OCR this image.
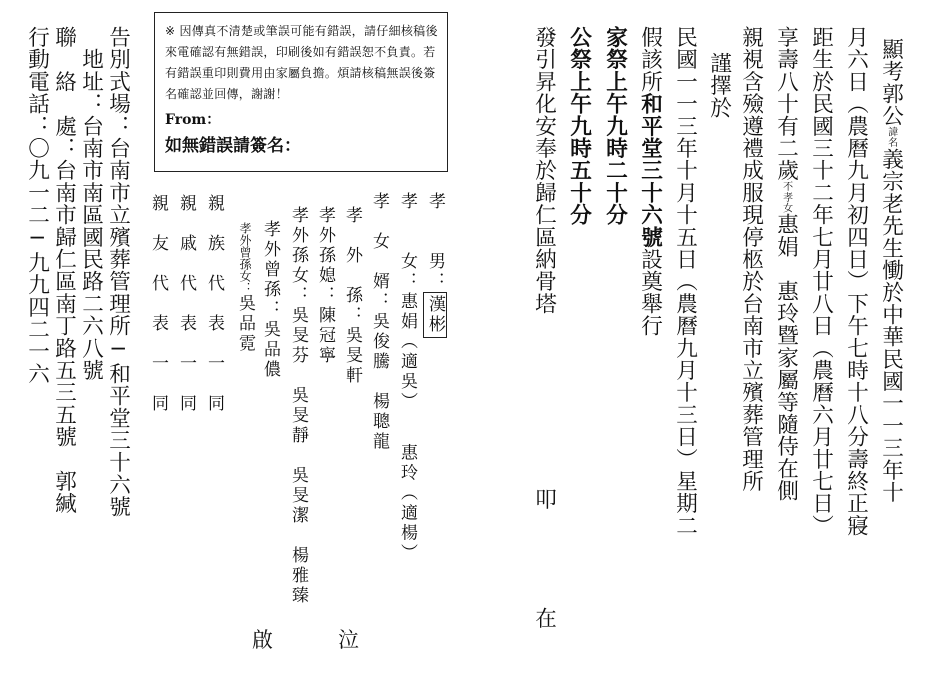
顯考郭公諱名義宗老先生慟於中華民國一一三年十
月六日（農曆九月初四日）下午七時十八分壽終正寢
距生於民國三十二年七月廿八日（農曆六月廿七日）
享壽八十有二歲不孝女惠娟　惠玲暨家屬等隨侍在側
親視含殮遵禮成服現停柩於台南市立殯葬管理所
謹擇於
民國一一三年十月十五日（農曆九月十三日）星期二
假該所和平堂三十六號設奠舉行
家祭上午九時二十分
公祭上午九時五十分
發引昇化安奉於歸仁區納骨塔
叩　在
※ 因傳真不清楚或筆誤可能有錯誤，請仔細核稿後來電確認有無錯誤，印刷後如有錯誤恕不負責。若有錯誤重印則費用由家屬負擔。煩請核稿無誤後簽名確認並回傳，謝謝！
From：
如無錯誤請簽名：
孝　　男：漢彬
孝　　女：惠娟（適吳）　　惠玲（適楊）
孝　女　婿：吳俊騰　楊聰龍
孝　外　孫：吳旻軒
孝外孫媳：陳冠寧
孝外孫女：吳旻芬　吳旻靜　吳旻潔　楊雅臻
孝外曾孫：吳品儂
孝外曾孫女：吳品霓
親　族　代　表　一　同
親　戚　代　表　一　同
親　友　代　表　一　同
啟	泣
告別式場：台南市立殯葬管理所─和平堂三十六號
　地址：台南市南區國民路二六八號
聯　絡　處：台南市歸仁區南丁路五三五號　郭緘
行動電話：〇九一二─九九四二一六
